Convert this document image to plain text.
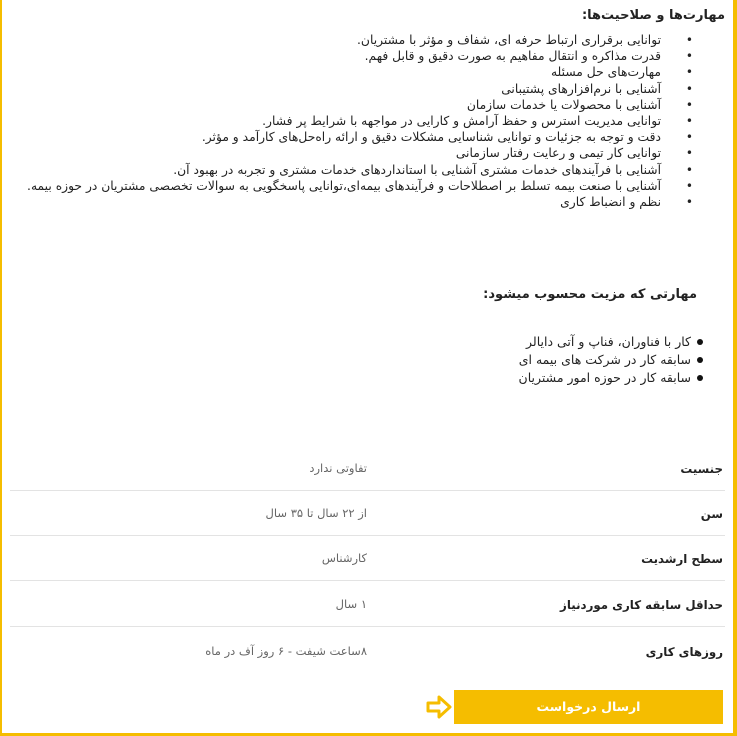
مهارت‌ها و صلاحیت‌ها:
• توانایی برقراری ارتباط حرفه ای، شفاف و مؤثر با مشتریان.
• قدرت مذاکره و انتقال مفاهیم به صورت دقیق و قابل فهم.
• مهارت‌های حل مسئله
• آشنایی با نرم‌افزارهای پشتیبانی
• آشنایی با محصولات یا خدمات سازمان
• توانایی مدیریت استرس و حفظ آرامش و کارایی در مواجهه با شرایط پر فشار.
• دقت و توجه به جزئیات و توانایی شناسایی مشکلات دقیق و ارائه راه‌حل‌های کارآمد و مؤثر.
• توانایی کار تیمی و رعایت رفتار سازمانی
• آشنایی با فرآیندهای خدمات مشتری آشنایی با استانداردهای خدمات مشتری و تجربه در بهبود آن.
• آشنایی با صنعت بیمه تسلط بر اصطلاحات و فرآیندهای بیمه‌ای،توانایی پاسخگویی به سوالات تخصصی مشتریان در حوزه بیمه.
• نظم و انضباط کاری
مهارتی که مزیت محسوب میشود:
کار با فناوران، فناپ و آتی دایالر
سابقه کار در شرکت های بیمه ای
سابقه کار در حوزه امور مشتریان
جنسیت
تفاوتی ندارد
سن
از ۲۲ سال تا ۳۵ سال
سطح ارشدیت
کارشناس
حداقل سابقه کاری موردنیاز
۱ سال
روزهای کاری
۸ساعت شیفت - ۶ روز آف در ماه
ارسال درخواست
